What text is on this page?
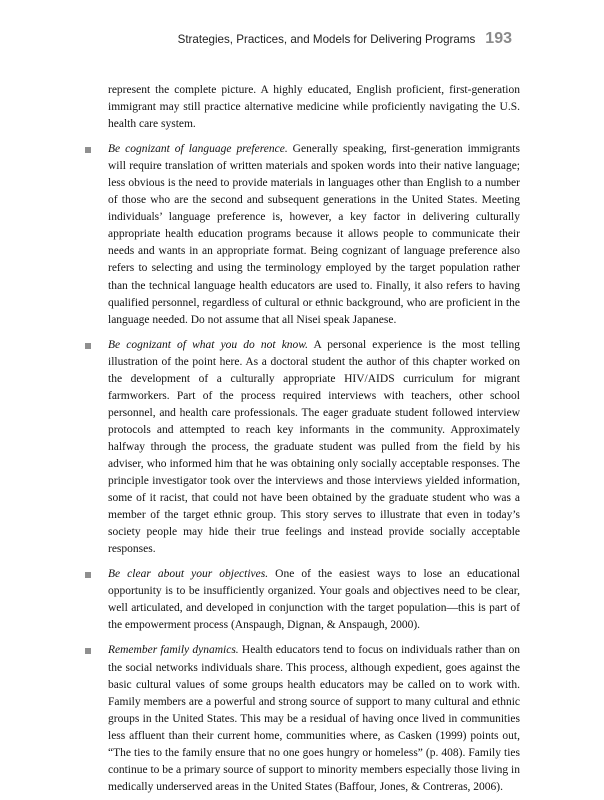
Strategies, Practices, and Models for Delivering Programs 193

represent the complete picture. A highly educated, English proficient, first-generation immigrant may still practice alternative medicine while proficiently navigating the U.S. health care system.

Be cognizant of language preference. Generally speaking, first-generation immigrants will require translation of written materials and spoken words into their native language; less obvious is the need to provide materials in languages other than English to a number of those who are the second and subsequent generations in the United States. Meeting individuals’ language preference is, however, a key factor in delivering culturally appropriate health education programs because it allows people to communicate their needs and wants in an appropriate format. Being cognizant of language preference also refers to selecting and using the terminology employed by the target population rather than the technical language health educators are used to. Finally, it also refers to having qualified personnel, regardless of cultural or ethnic background, who are proficient in the language needed. Do not assume that all Nisei speak Japanese.

Be cognizant of what you do not know. A personal experience is the most telling illustration of the point here. As a doctoral student the author of this chapter worked on the development of a culturally appropriate HIV/AIDS curriculum for migrant farmworkers. Part of the process required interviews with teachers, other school personnel, and health care professionals. The eager graduate student followed interview protocols and attempted to reach key informants in the community. Approximately halfway through the process, the graduate student was pulled from the field by his adviser, who informed him that he was obtaining only socially acceptable responses. The principle investigator took over the interviews and those interviews yielded information, some of it racist, that could not have been obtained by the graduate student who was a member of the target ethnic group. This story serves to illustrate that even in today’s society people may hide their true feelings and instead provide socially acceptable responses.

Be clear about your objectives. One of the easiest ways to lose an educational opportunity is to be insufficiently organized. Your goals and objectives need to be clear, well articulated, and developed in conjunction with the target population—this is part of the empowerment process (Anspaugh, Dignan, & Anspaugh, 2000).

Remember family dynamics. Health educators tend to focus on individuals rather than on the social networks individuals share. This process, although expedient, goes against the basic cultural values of some groups health educators may be called on to work with. Family members are a powerful and strong source of support to many cultural and ethnic groups in the United States. This may be a residual of having once lived in communities less affluent than their current home, communities where, as Casken (1999) points out, “The ties to the family ensure that no one goes hungry or homeless” (p. 408). Family ties continue to be a primary source of support to minority members especially those living in medically underserved areas in the United States (Baffour, Jones, & Contreras, 2006).
